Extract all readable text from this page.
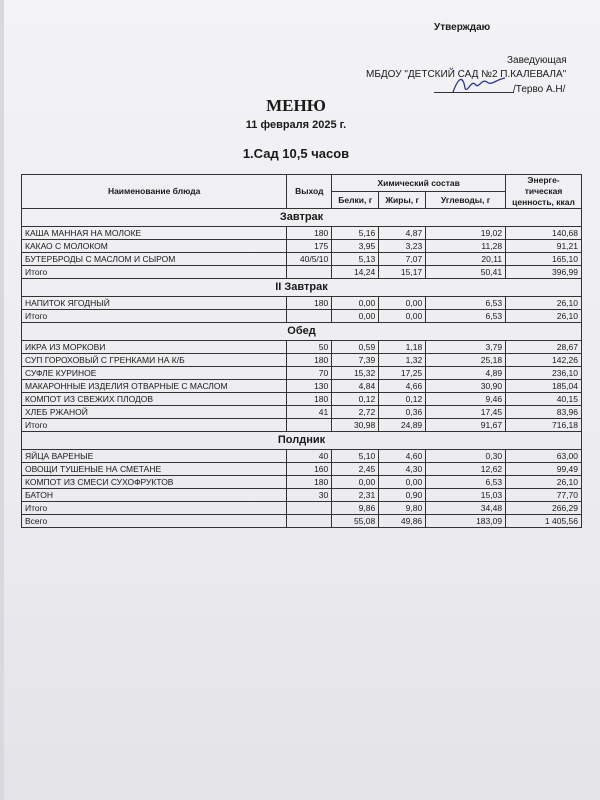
Утверждаю
Заведующая
МБДОУ "ДЕТСКИЙ САД №2 П.КАЛЕВАЛА"
/Терво А.Н/
МЕНЮ
11 февраля 2025 г.
1.Сад 10,5 часов
Наименование блюда	Выход	Химический состав			Энерге-тическая ценность, ккал
		Белки, г	Жиры, г	Углеводы, г	
Завтрак					
КАША МАННАЯ НА МОЛОКЕ	180	5,16	4,87	19,02	140,68
КАКАО С МОЛОКОМ	175	3,95	3,23	11,28	91,21
БУТЕРБРОДЫ С МАСЛОМ И СЫРОМ	40/5/10	5,13	7,07	20,11	165,10
Итого		14,24	15,17	50,41	396,99
II Завтрак					
НАПИТОК ЯГОДНЫЙ	180	0,00	0,00	6,53	26,10
Итого		0,00	0,00	6,53	26,10
Обед					
ИКРА ИЗ МОРКОВИ	50	0,59	1,18	3,79	28,67
СУП ГОРОХОВЫЙ С ГРЕНКАМИ НА К/Б	180	7,39	1,32	25,18	142,26
СУФЛЕ КУРИНОЕ	70	15,32	17,25	4,89	236,10
МАКАРОННЫЕ ИЗДЕЛИЯ ОТВАРНЫЕ С МАСЛОМ	130	4,84	4,66	30,90	185,04
КОМПОТ ИЗ СВЕЖИХ ПЛОДОВ	180	0,12	0,12	9,46	40,15
ХЛЕБ РЖАНОЙ	41	2,72	0,36	17,45	83,96
Итого		30,98	24,89	91,67	716,18
Полдник					
ЯЙЦА ВАРЕНЫЕ	40	5,10	4,60	0,30	63,00
ОВОЩИ ТУШЕНЫЕ НА СМЕТАНЕ	160	2,45	4,30	12,62	99,49
КОМПОТ ИЗ СМЕСИ СУХОФРУКТОВ	180	0,00	0,00	6,53	26,10
БАТОН	30	2,31	0,90	15,03	77,70
Итого		9,86	9,80	34,48	266,29
Всего		55,08	49,86	183,09	1 405,56
